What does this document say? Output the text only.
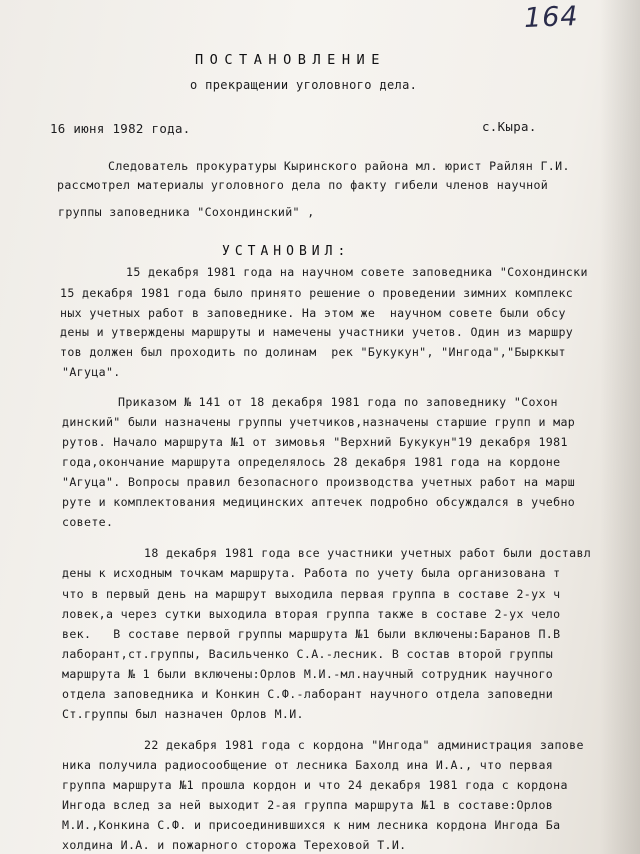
164
ПОСТАНОВЛЕНИЕ
о прекращении уголовного дела.
16 июня 1982 года.	с.Кыра.
Следователь прокуратуры Кыринского района мл. юрист Райлян Г.И.
рассмотрел материалы уголовного дела по факту гибели членов научной
группы заповедника "Сохондинский" ,
УСТАНОВИЛ:
15 декабря 1981 года на научном совете заповедника "Сохондински
15 декабря 1981 года было принято решение о проведении зимних комплекс
ных учетных работ в заповеднике. На этом же  научном совете были обсу
дены и утверждены маршруты и намечены участники учетов. Один из маршру
тов должен был проходить по долинам  рек "Букукун", "Ингода","Бырккыт
"Агуца".
Приказом № 141 от 18 декабря 1981 года по заповеднику "Сохон
динский" были назначены группы учетчиков,назначены старшие групп и мар
рутов. Начало маршрута №1 от зимовья "Верхний Букукун"19 декабря 1981
года,окончание маршрута определялось 28 декабря 1981 года на кордоне
"Агуца". Вопросы правил безопасного производства учетных работ на марш
руте и комплектования медицинских аптечек подробно обсуждался в учебно
совете.
18 декабря 1981 года все участники учетных работ были доставл
дены к исходным точкам маршрута. Работа по учету была организована т
что в первый день на маршрут выходила первая группа в составе 2-ух ч
ловек,а через сутки выходила вторая группа также в составе 2-ух чело
век.   В составе первой группы маршрута №1 были включены:Баранов П.В
лаборант,ст.группы, Васильченко С.А.-лесник. В состав второй группы
маршрута № 1 были включены:Орлов М.И.-мл.научный сотрудник научного
отдела заповедника и Конкин С.Ф.-лаборант научного отдела заповедни
Ст.группы был назначен Орлов М.И.
22 декабря 1981 года с кордона "Ингода" администрация запове
ника получила радиосообщение от лесника Бахолд ина И.А., что первая
группа маршрута №1 прошла кордон и что 24 декабря 1981 года с кордона
Ингода вслед за ней выходит 2-ая группа маршрута №1 в составе:Орлов
М.И.,Конкина С.Ф. и присоединившихся к ним лесника кордона Ингода Ба
холдина И.А. и пожарного сторожа Тереховой Т.И.
